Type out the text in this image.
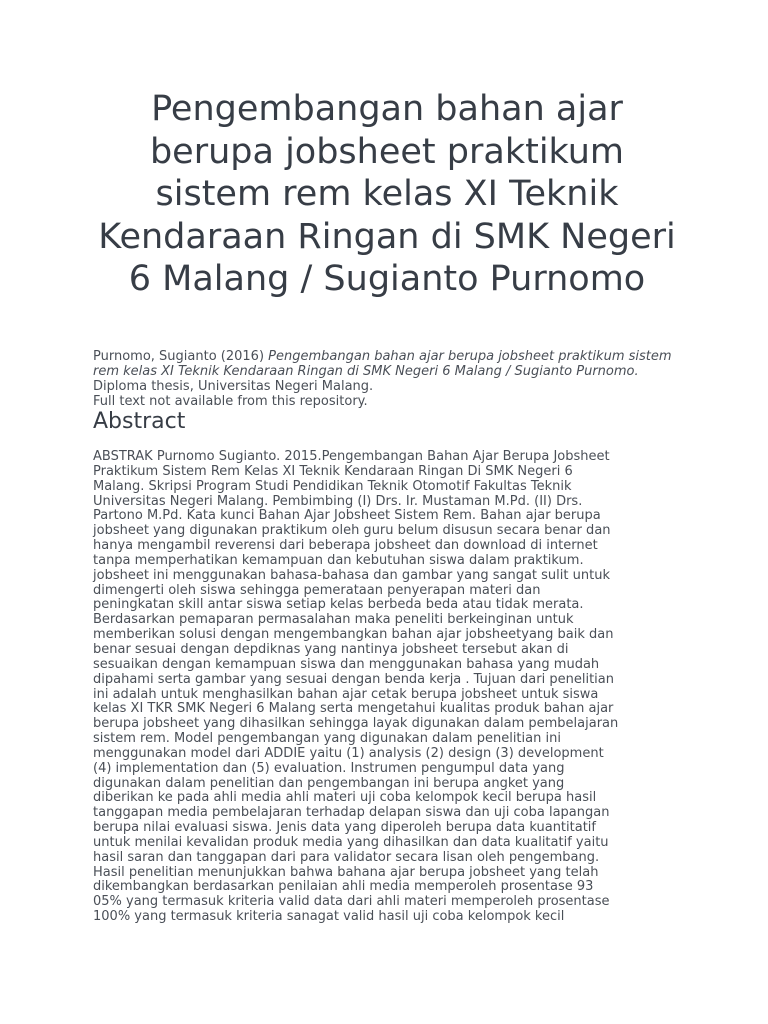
Pengembangan bahan ajar berupa jobsheet praktikum sistem rem kelas XI Teknik Kendaraan Ringan di SMK Negeri 6 Malang / Sugianto Purnomo

Purnomo, Sugianto (2016) Pengembangan bahan ajar berupa jobsheet praktikum sistem rem kelas XI Teknik Kendaraan Ringan di SMK Negeri 6 Malang / Sugianto Purnomo. Diploma thesis, Universitas Negeri Malang.
Full text not available from this repository.

Abstract

ABSTRAK Purnomo Sugianto. 2015.Pengembangan Bahan Ajar Berupa Jobsheet
Praktikum Sistem Rem Kelas XI Teknik Kendaraan Ringan Di SMK Negeri 6
Malang. Skripsi Program Studi Pendidikan Teknik Otomotif Fakultas Teknik
Universitas Negeri Malang. Pembimbing (I) Drs. Ir. Mustaman M.Pd. (II) Drs.
Partono M.Pd. Kata kunci Bahan Ajar Jobsheet Sistem Rem. Bahan ajar berupa
jobsheet yang digunakan praktikum oleh guru belum disusun secara benar dan
hanya mengambil reverensi dari beberapa jobsheet dan download di internet
tanpa memperhatikan kemampuan dan kebutuhan siswa dalam praktikum.
jobsheet ini menggunakan bahasa-bahasa dan gambar yang sangat sulit untuk
dimengerti oleh siswa sehingga pemerataan penyerapan materi dan
peningkatan skill antar siswa setiap kelas berbeda beda atau tidak merata.
Berdasarkan pemaparan permasalahan maka peneliti berkeinginan untuk
memberikan solusi dengan mengembangkan bahan ajar jobsheetyang baik dan
benar sesuai dengan depdiknas yang nantinya jobsheet tersebut akan di
sesuaikan dengan kemampuan siswa dan menggunakan bahasa yang mudah
dipahami serta gambar yang sesuai dengan benda kerja . Tujuan dari penelitian
ini adalah untuk menghasilkan bahan ajar cetak berupa jobsheet untuk siswa
kelas XI TKR SMK Negeri 6 Malang serta mengetahui kualitas produk bahan ajar
berupa jobsheet yang dihasilkan sehingga layak digunakan dalam pembelajaran
sistem rem. Model pengembangan yang digunakan dalam penelitian ini
menggunakan model dari ADDIE yaitu (1) analysis (2) design (3) development
(4) implementation dan (5) evaluation. Instrumen pengumpul data yang
digunakan dalam penelitian dan pengembangan ini berupa angket yang
diberikan ke pada ahli media ahli materi uji coba kelompok kecil berupa hasil
tanggapan media pembelajaran terhadap delapan siswa dan uji coba lapangan
berupa nilai evaluasi siswa. Jenis data yang diperoleh berupa data kuantitatif
untuk menilai kevalidan produk media yang dihasilkan dan data kualitatif yaitu
hasil saran dan tanggapan dari para validator secara lisan oleh pengembang.
Hasil penelitian menunjukkan bahwa bahana ajar berupa jobsheet yang telah
dikembangkan berdasarkan penilaian ahli media memperoleh prosentase 93
05% yang termasuk kriteria valid data dari ahli materi memperoleh prosentase
100% yang termasuk kriteria sanagat valid hasil uji coba kelompok kecil
